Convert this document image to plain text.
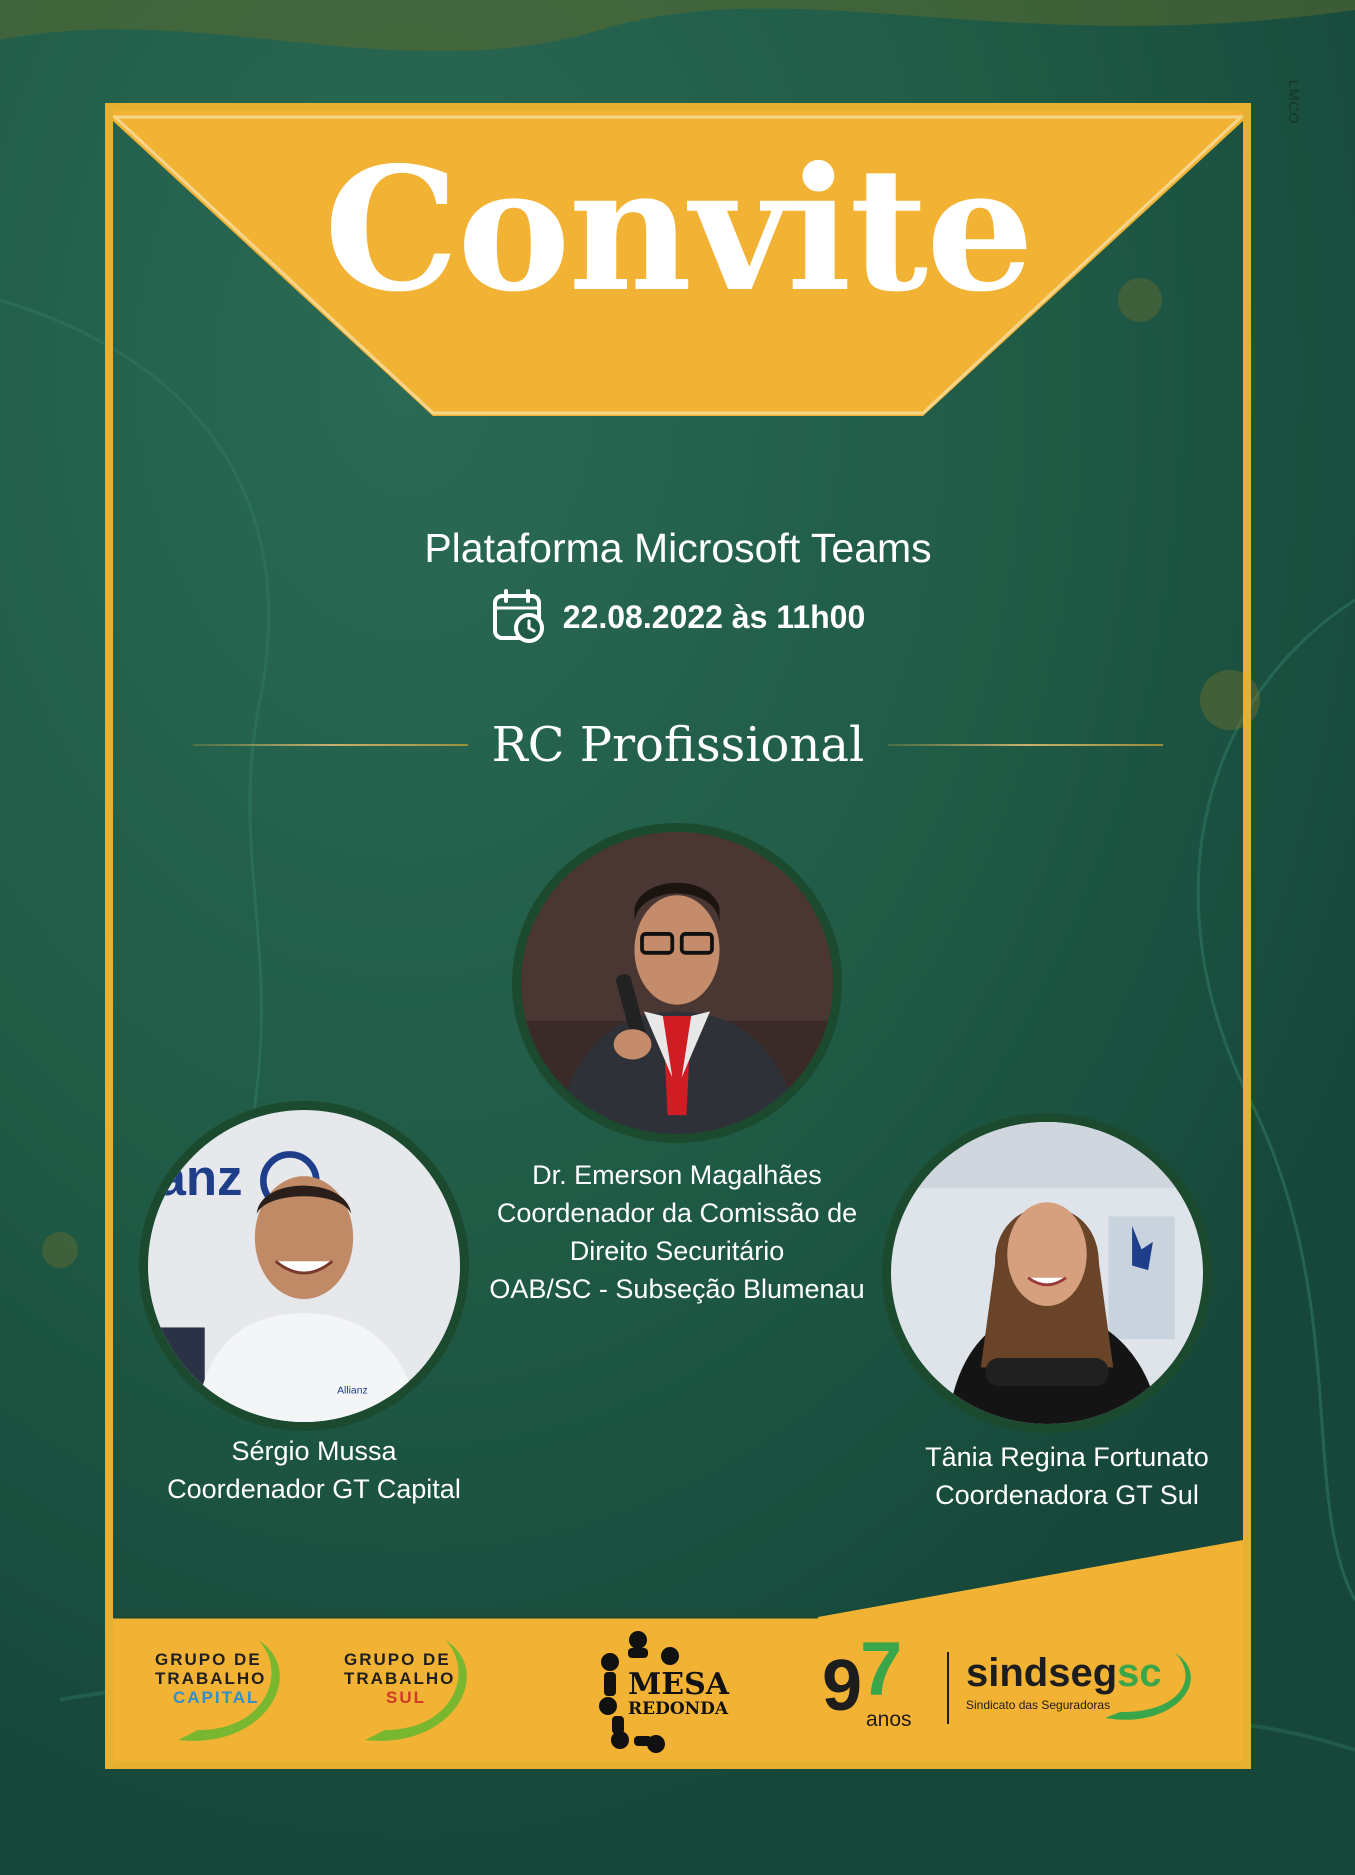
LMCO
Convite
Plataforma Microsoft Teams
22.08.2022 às 11h00
RC Profissional
anz
Allianz
Dr. Emerson Magalhães
Coordenador da Comissão de
Direito Securitário
OAB/SC - Subseção Blumenau
Sérgio Mussa
Coordenador GT Capital
Tânia Regina Fortunato
Coordenadora GT Sul
GRUPO DE
TRABALHO
CAPITAL
GRUPO DE
TRABALHO
SUL	MESA
REDONDA 9
7
anos
sindsegsc
Sindicato das Seguradoras
